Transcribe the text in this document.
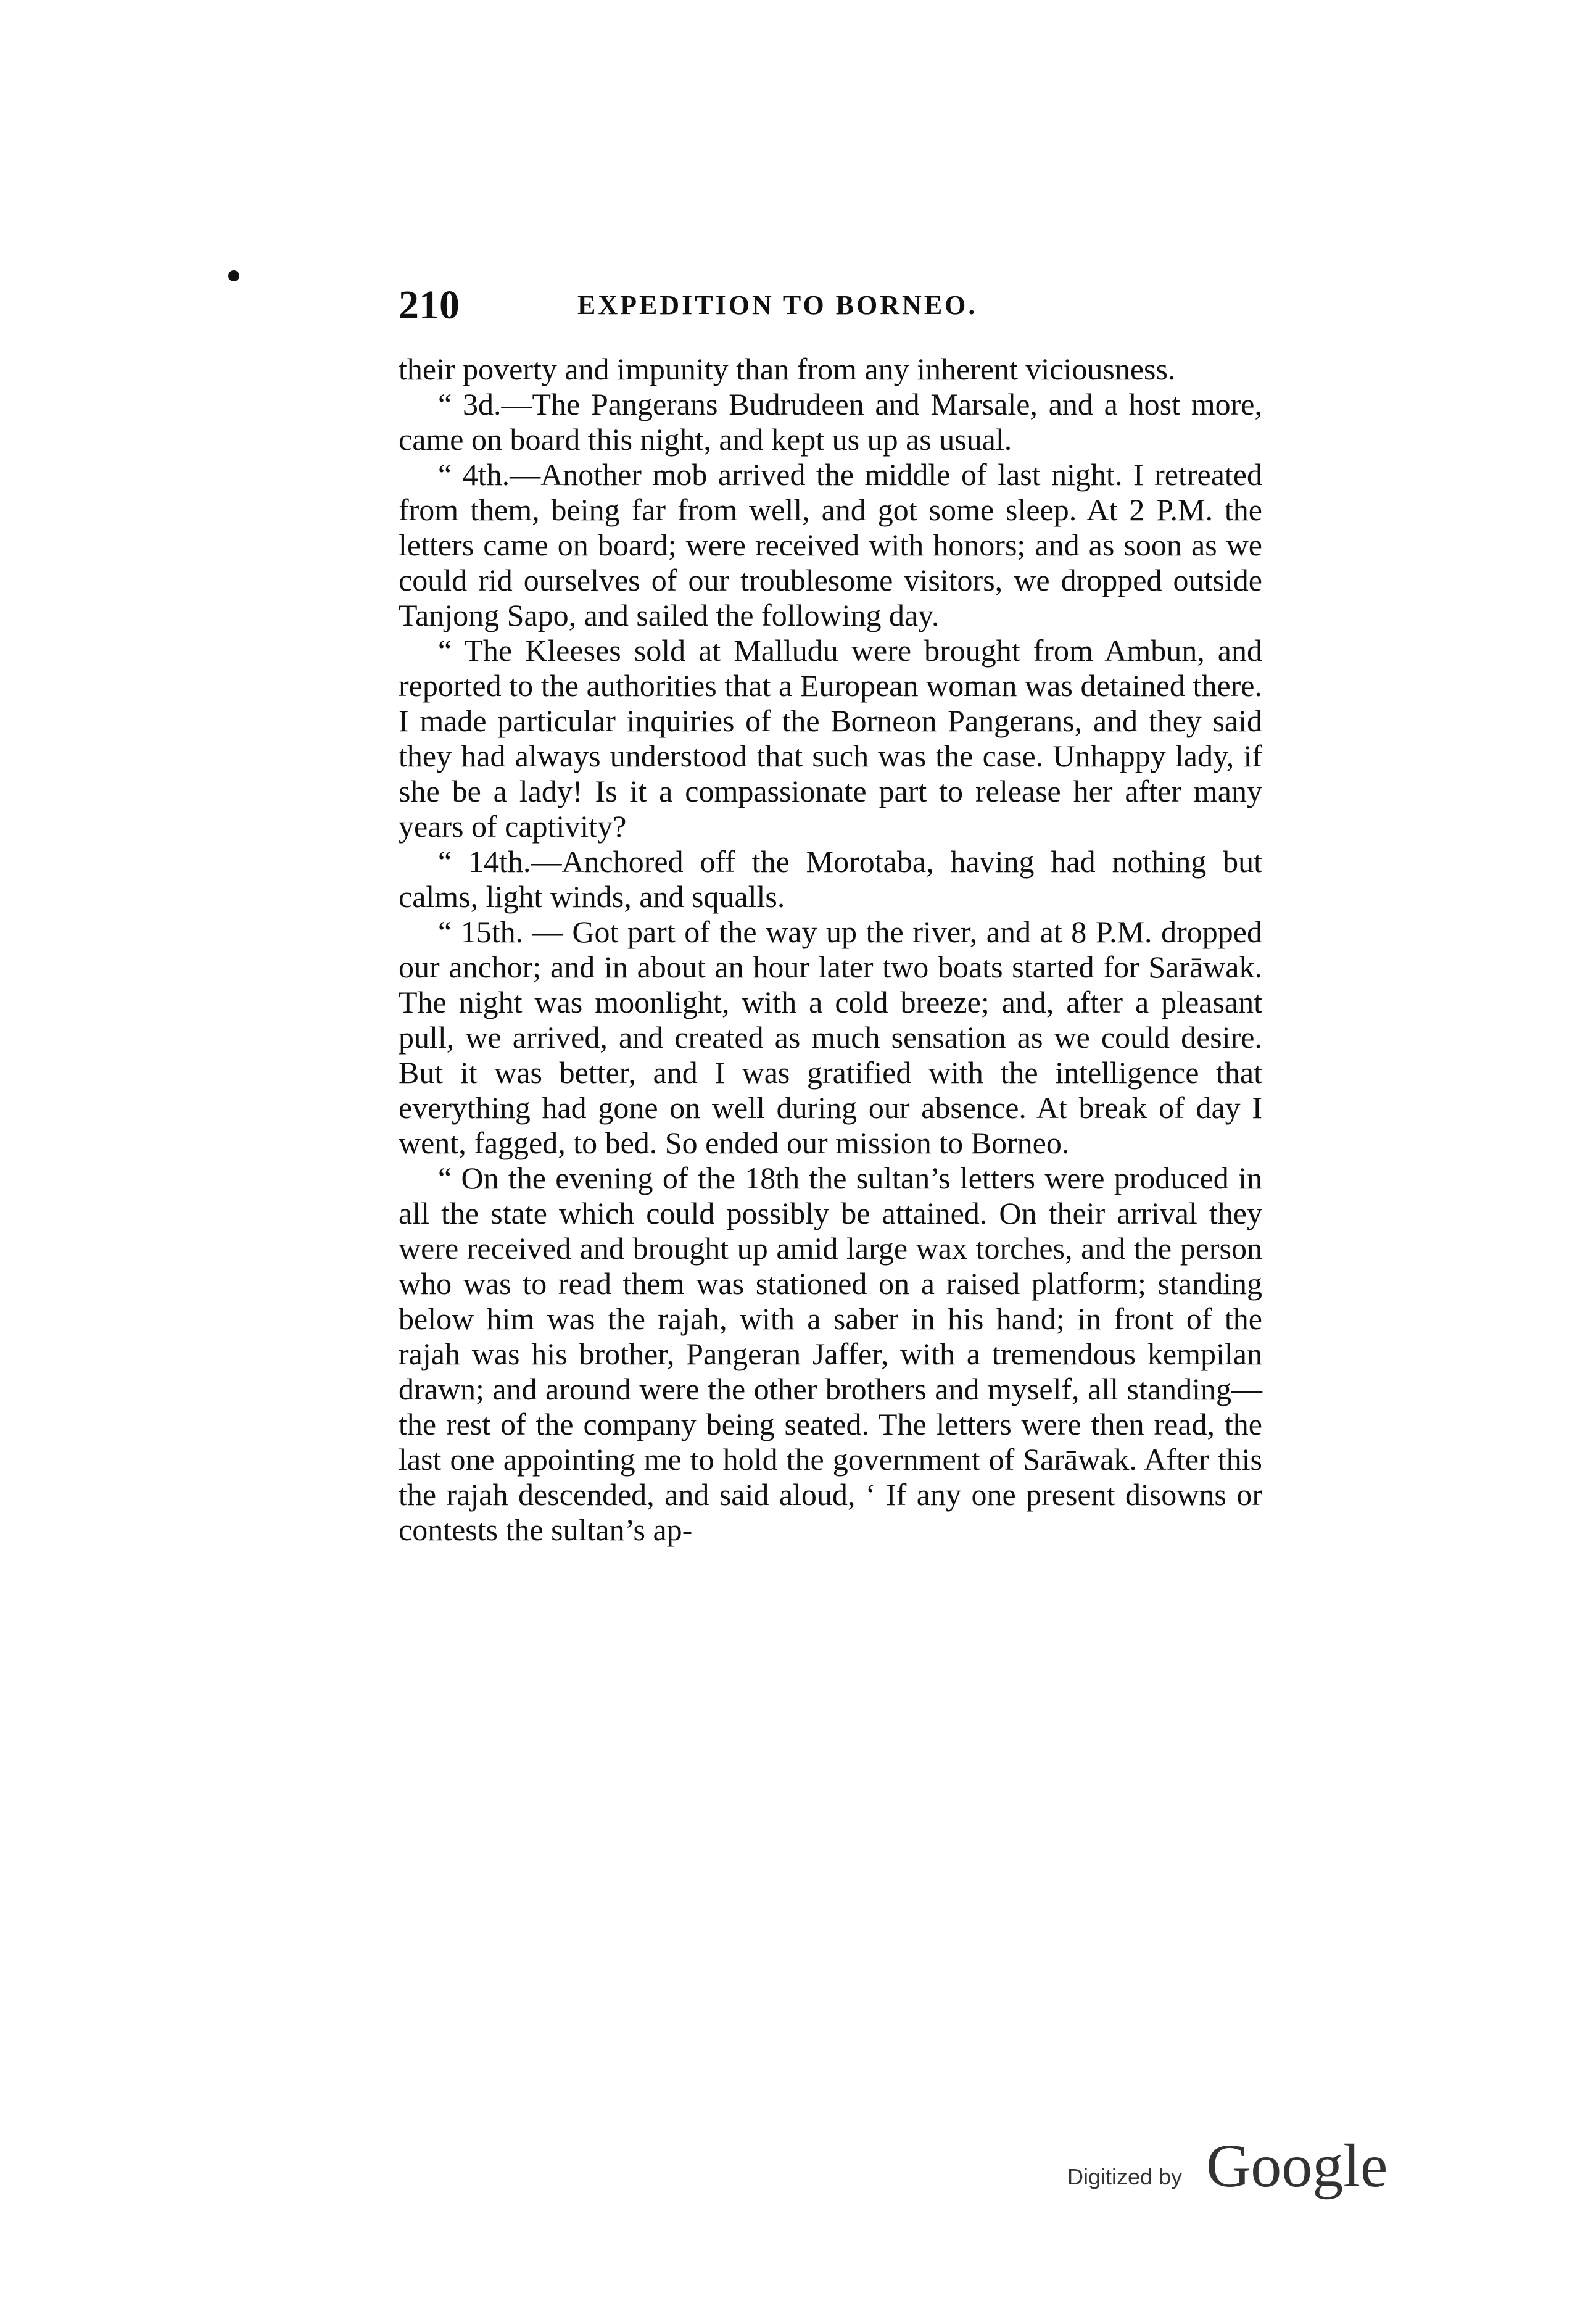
210	EXPEDITION TO BORNEO.

their poverty and impunity than from any inherent viciousness.

“ 3d.—The Pangerans Budrudeen and Marsale, and a host more, came on board this night, and kept us up as usual.

“ 4th.—Another mob arrived the middle of last night. I retreated from them, being far from well, and got some sleep. At 2 P.M. the letters came on board; were received with honors; and as soon as we could rid ourselves of our troublesome visitors, we dropped outside Tanjong Sapo, and sailed the following day.

“ The Kleeses sold at Malludu were brought from Ambun, and reported to the authorities that a European woman was detained there. I made particular inquiries of the Borneon Pangerans, and they said they had always understood that such was the case. Unhappy lady, if she be a lady! Is it a compassionate part to release her after many years of captivity?

“ 14th.—Anchored off the Morotaba, having had nothing but calms, light winds, and squalls.

“ 15th. — Got part of the way up the river, and at 8 P.M. dropped our anchor; and in about an hour later two boats started for Sarāwak. The night was moonlight, with a cold breeze; and, after a pleasant pull, we arrived, and created as much sensation as we could desire. But it was better, and I was gratified with the intelligence that everything had gone on well during our absence. At break of day I went, fagged, to bed. So ended our mission to Borneo.

“ On the evening of the 18th the sultan’s letters were produced in all the state which could possibly be attained. On their arrival they were received and brought up amid large wax torches, and the person who was to read them was stationed on a raised platform; standing below him was the rajah, with a saber in his hand; in front of the rajah was his brother, Pangeran Jaffer, with a tremendous kempilan drawn; and around were the other brothers and myself, all standing—the rest of the company being seated. The letters were then read, the last one appointing me to hold the government of Sarāwak. After this the rajah descended, and said aloud, ‘ If any one present disowns or contests the sultan’s ap-

Digitized by Google
